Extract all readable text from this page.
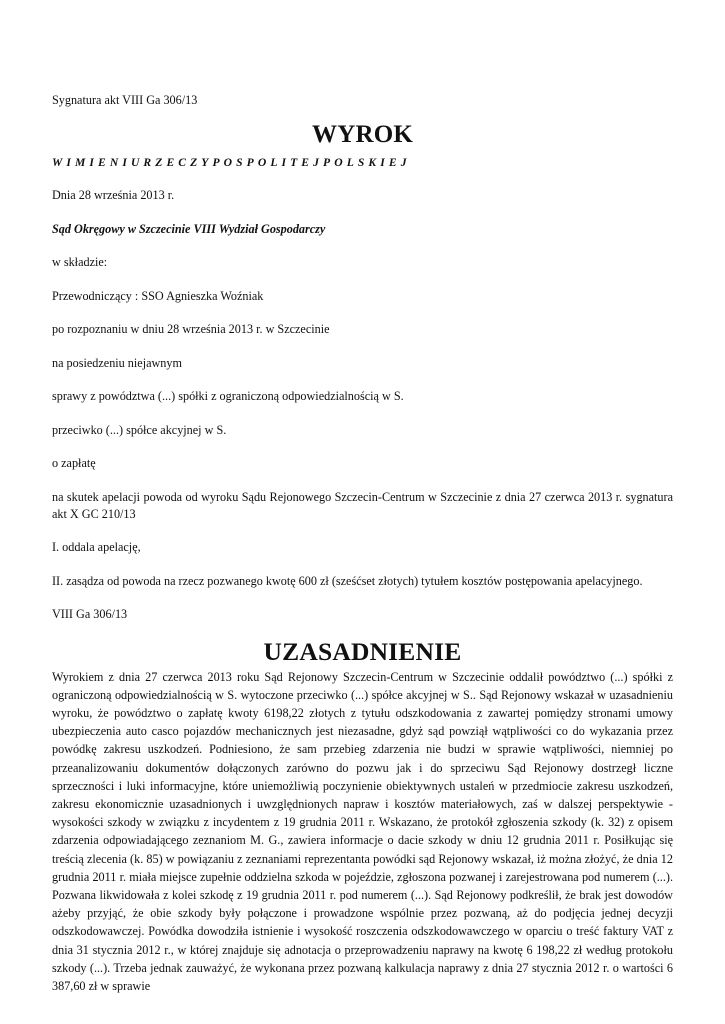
Sygnatura akt VIII Ga 306/13

WYROK

WIMIENIURZECZYPOSPOLITEJPOLSKIEJ

Dnia 28 września 2013 r.

Sąd Okręgowy w Szczecinie VIII Wydział Gospodarczy

w składzie:

Przewodniczący : SSO Agnieszka Woźniak

po rozpoznaniu w dniu 28 września 2013 r. w Szczecinie

na posiedzeniu niejawnym

sprawy z powództwa (...) spółki z ograniczoną odpowiedzialnością w S.

przeciwko (...) spółce akcyjnej w S.

o zapłatę

na skutek apelacji powoda od wyroku Sądu Rejonowego Szczecin-Centrum w Szczecinie z dnia 27 czerwca 2013 r. sygnatura akt X GC 210/13

I. oddala apelację,

II. zasądza od powoda na rzecz pozwanego kwotę 600 zł (sześćset złotych) tytułem kosztów postępowania apelacyjnego.

VIII Ga 306/13

UZASADNIENIE

Wyrokiem z dnia 27 czerwca 2013 roku Sąd Rejonowy Szczecin-Centrum w Szczecinie oddalił powództwo (...) spółki z ograniczoną odpowiedzialnością w S. wytoczone przeciwko (...) spółce akcyjnej w S.. Sąd Rejonowy wskazał w uzasadnieniu wyroku, że powództwo o zapłatę kwoty 6198,22 złotych z tytułu odszkodowania z zawartej pomiędzy stronami umowy ubezpieczenia auto casco pojazdów mechanicznych jest niezasadne, gdyż sąd powziął wątpliwości co do wykazania przez powódkę zakresu uszkodzeń. Podniesiono, że sam przebieg zdarzenia nie budzi w sprawie wątpliwości, niemniej po przeanalizowaniu dokumentów dołączonych zarówno do pozwu jak i do sprzeciwu Sąd Rejonowy dostrzegł liczne sprzeczności i luki informacyjne, które uniemożliwią poczynienie obiektywnych ustaleń w przedmiocie zakresu uszkodzeń, zakresu ekonomicznie uzasadnionych i uwzględnionych napraw i kosztów materiałowych, zaś w dalszej perspektywie - wysokości szkody w związku z incydentem z 19 grudnia 2011 r. Wskazano, że protokół zgłoszenia szkody (k. 32) z opisem zdarzenia odpowiadającego zeznaniom M. G., zawiera informacje o dacie szkody w dniu 12 grudnia 2011 r. Posiłkując się treścią zlecenia (k. 85) w powiązaniu z zeznaniami reprezentanta powódki sąd Rejonowy wskazał, iż można złożyć, że dnia 12 grudnia 2011 r. miała miejsce zupełnie oddzielna szkoda w pojeździe, zgłoszona pozwanej i zarejestrowana pod numerem (...). Pozwana likwidowała z kolei szkodę z 19 grudnia 2011 r. pod numerem (...). Sąd Rejonowy podkreślił, że brak jest dowodów ażeby przyjąć, że obie szkody były połączone i prowadzone wspólnie przez pozwaną, aż do podjęcia jednej decyzji odszkodowawczej. Powódka dowodziła istnienie i wysokość roszczenia odszkodowawczego w oparciu o treść faktury VAT z dnia 31 stycznia 2012 r., w której znajduje się adnotacja o przeprowadzeniu naprawy na kwotę 6 198,22 zł według protokołu szkody (...). Trzeba jednak zauważyć, że wykonana przez pozwaną kalkulacja naprawy z dnia 27 stycznia 2012 r. o wartości 6 387,60 zł w sprawie
